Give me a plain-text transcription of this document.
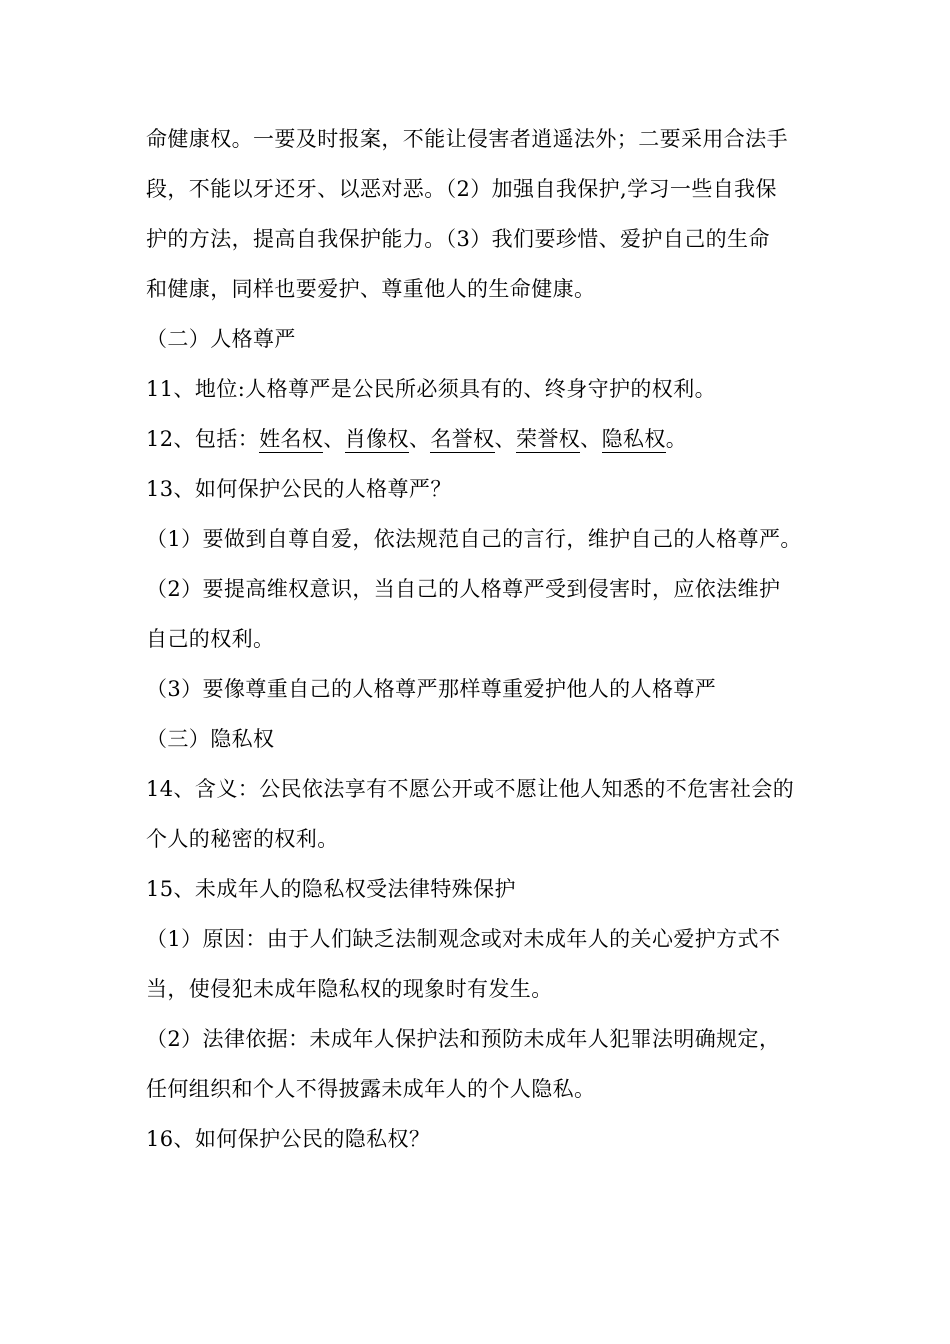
命健康权。一要及时报案，不能让侵害者逍遥法外；二要采用合法手
段，不能以牙还牙、以恶对恶。（2）加强自我保护,学习一些自我保
护的方法，提高自我保护能力。（3）我们要珍惜、爱护自己的生命
和健康，同样也要爱护、尊重他人的生命健康。
（二）人格尊严
11、地位:人格尊严是公民所必须具有的、终身守护的权利。
12、包括：姓名权、肖像权、名誉权、荣誉权、隐私权。
13、如何保护公民的人格尊严？
（1）要做到自尊自爱，依法规范自己的言行，维护自己的人格尊严。
（2）要提高维权意识，当自己的人格尊严受到侵害时，应依法维护
自己的权利。
（3）要像尊重自己的人格尊严那样尊重爱护他人的人格尊严
（三）隐私权
14、含义：公民依法享有不愿公开或不愿让他人知悉的不危害社会的
个人的秘密的权利。
15、未成年人的隐私权受法律特殊保护
（1）原因：由于人们缺乏法制观念或对未成年人的关心爱护方式不
当，使侵犯未成年隐私权的现象时有发生。
（2）法律依据：未成年人保护法和预防未成年人犯罪法明确规定，
任何组织和个人不得披露未成年人的个人隐私。
16、如何保护公民的隐私权？
